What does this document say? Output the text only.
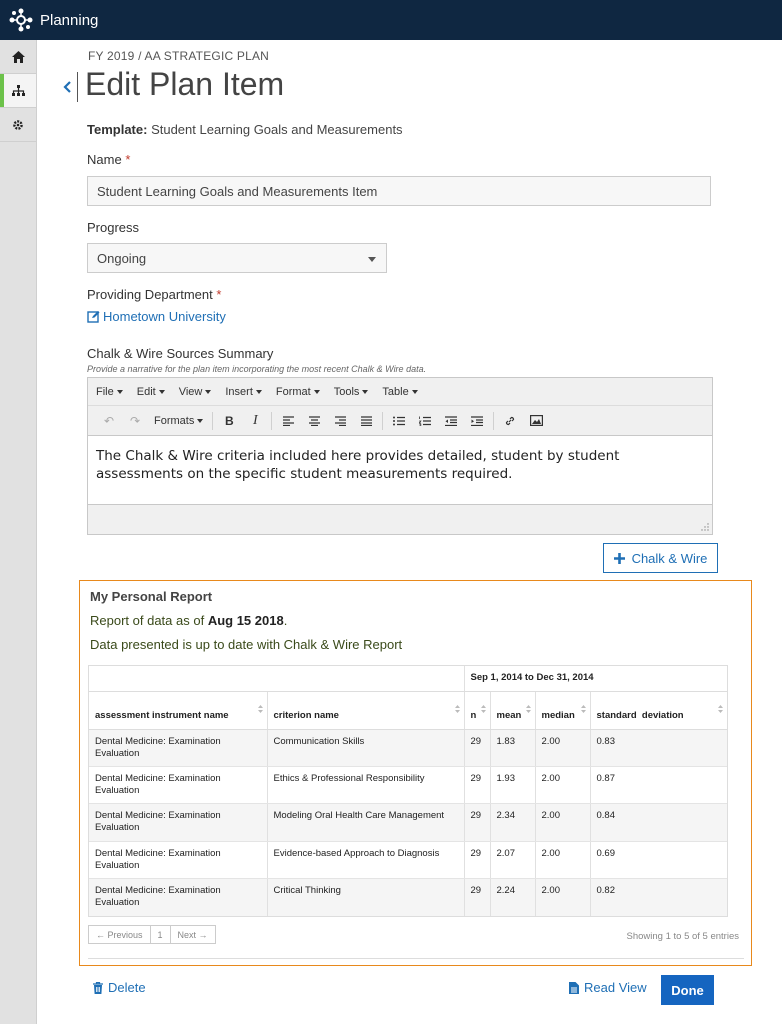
Planning
FY 2019 / AA STRATEGIC PLAN
Edit Plan Item
Template: Student Learning Goals and Measurements
Name *
Student Learning Goals and Measurements Item
Progress
Ongoing
Providing Department *
Hometown University
Chalk & Wire Sources Summary
Provide a narrative for the plan item incorporating the most recent Chalk & Wire data.
File	Edit	View	Insert	Format	Tools	Table
↶	↷	Formats	B	I
The Chalk & Wire criteria included here provides detailed, student by student assessments on the specific student measurements required.
Chalk & Wire
My Personal Report
Report of data as of Aug 15 2018.
Data presented is up to date with Chalk & Wire Report
		Sep 1, 2014 to Dec 31, 2014			
assessment instrument name	criterion name	n	mean	median	standard  deviation

Dental Medicine: Examination Evaluation	Communication Skills	29	1.83	2.00	0.83
Dental Medicine: Examination Evaluation	Ethics & Professional Responsibility	29	1.93	2.00	0.87
Dental Medicine: Examination Evaluation	Modeling Oral Health Care Management	29	2.34	2.00	0.84
Dental Medicine: Examination Evaluation	Evidence-based Approach to Diagnosis	29	2.07	2.00	0.69
Dental Medicine: Examination Evaluation	Critical Thinking	29	2.24	2.00	0.82
← Previous	1	Next →	Showing 1 to 5 of 5 entries
Delete	Read View	Done
